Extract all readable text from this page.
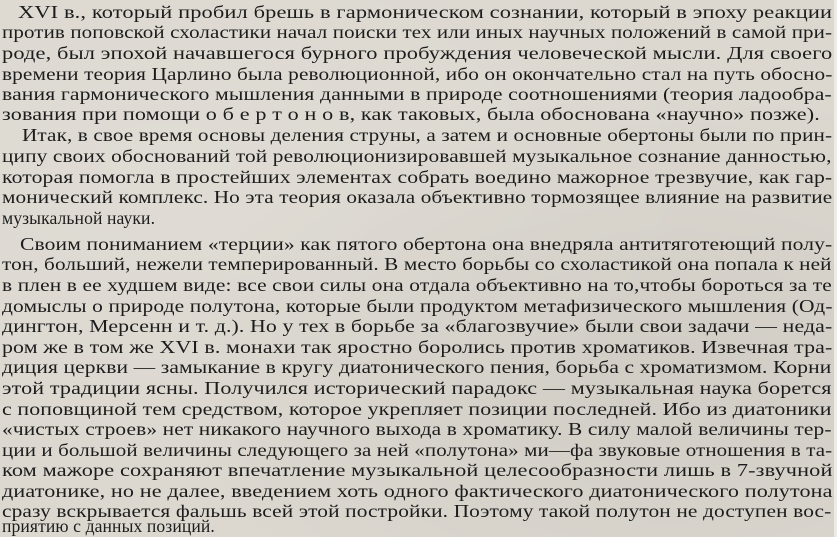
XVI в., который пробил брешь в гармоническом сознании, который в эпоху реакции
против поповской схоластики начал поиски тех или иных научных положений в самой при-
роде, был эпохой начавшегося бурного пробуждения человеческой мысли. Для своего
времени теория Царлино была революционной, ибо он окончательно стал на путь обосно-
вания гармонического мышления данными в природе соотношениями (теория ладообра-
зования при помощи о б е р т о н о в, как таковых, была обоснована «научно» позже).
Итак, в свое время основы деления струны, а затем и основные обертоны были по прин-
ципу своих обоснований той революционизировавшей музыкальное сознание данностью,
которая помогла в простейших элементах собрать воедино мажорное трезвучие, как гар-
монический комплекс. Но эта теория оказала объективно тормозящее влияние на развитие
музыкальной науки.
Своим пониманием «терции» как пятого обертона она внедряла антитяготеющий полу-
тон, больший, нежели темперированный. В место борьбы со схоластикой она попала к ней
в плен в ее худшем виде: все свои силы она отдала объективно на то,чтобы бороться за те
домыслы о природе полутона, которые были продуктом метафизического мышления (Од-
дингтон, Мерсенн и т. д.). Но у тех в борьбе за «благозвучие» были свои задачи — неда-
ром же в том же XVI в. монахи так яростно боролись против хроматиков. Извечная тра-
диция церкви — замыкание в кругу диатонического пения, борьба с хроматизмом. Корни
этой традиции ясны. Получился исторический парадокс — музыкальная наука борется
с поповщиной тем средством, которое укрепляет позиции последней. Ибо из диатоники
«чистых строев» нет никакого научного выхода в хроматику. В силу малой величины тер-
ции и большой величины следующего за ней «полутона» ми—фа звуковые отношения в та-
ком мажоре сохраняют впечатление музыкальной целесообразности лишь в 7-звучной
диатонике, но не далее, введением хоть одного фактического диатонического полутона
сразу вскрывается фальшь всей этой постройки. Поэтому такой полутон не доступен вос-
приятию с данных позиций.
